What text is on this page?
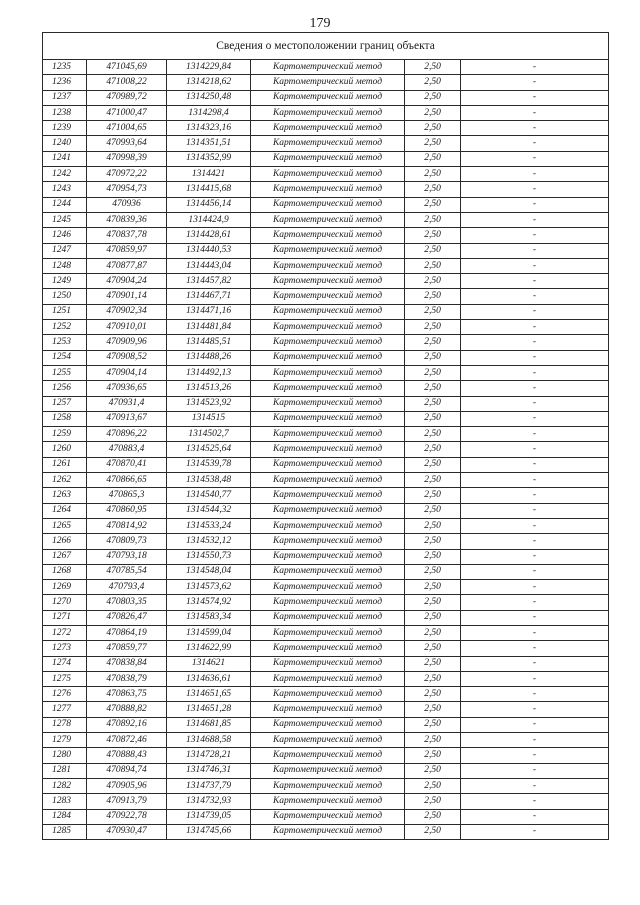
179
Сведения о местоположении границ объекта					
1235	471045,69	1314229,84	Картометрический метод	2,50	-
1236	471008,22	1314218,62	Картометрический метод	2,50	-
1237	470989,72	1314250,48	Картометрический метод	2,50	-
1238	471000,47	1314298,4	Картометрический метод	2,50	-
1239	471004,65	1314323,16	Картометрический метод	2,50	-
1240	470993,64	1314351,51	Картометрический метод	2,50	-
1241	470998,39	1314352,99	Картометрический метод	2,50	-
1242	470972,22	1314421	Картометрический метод	2,50	-
1243	470954,73	1314415,68	Картометрический метод	2,50	-
1244	470936	1314456,14	Картометрический метод	2,50	-
1245	470839,36	1314424,9	Картометрический метод	2,50	-
1246	470837,78	1314428,61	Картометрический метод	2,50	-
1247	470859,97	1314440,53	Картометрический метод	2,50	-
1248	470877,87	1314443,04	Картометрический метод	2,50	-
1249	470904,24	1314457,82	Картометрический метод	2,50	-
1250	470901,14	1314467,71	Картометрический метод	2,50	-
1251	470902,34	1314471,16	Картометрический метод	2,50	-
1252	470910,01	1314481,84	Картометрический метод	2,50	-
1253	470909,96	1314485,51	Картометрический метод	2,50	-
1254	470908,52	1314488,26	Картометрический метод	2,50	-
1255	470904,14	1314492,13	Картометрический метод	2,50	-
1256	470936,65	1314513,26	Картометрический метод	2,50	-
1257	470931,4	1314523,92	Картометрический метод	2,50	-
1258	470913,67	1314515	Картометрический метод	2,50	-
1259	470896,22	1314502,7	Картометрический метод	2,50	-
1260	470883,4	1314525,64	Картометрический метод	2,50	-
1261	470870,41	1314539,78	Картометрический метод	2,50	-
1262	470866,65	1314538,48	Картометрический метод	2,50	-
1263	470865,3	1314540,77	Картометрический метод	2,50	-
1264	470860,95	1314544,32	Картометрический метод	2,50	-
1265	470814,92	1314533,24	Картометрический метод	2,50	-
1266	470809,73	1314532,12	Картометрический метод	2,50	-
1267	470793,18	1314550,73	Картометрический метод	2,50	-
1268	470785,54	1314548,04	Картометрический метод	2,50	-
1269	470793,4	1314573,62	Картометрический метод	2,50	-
1270	470803,35	1314574,92	Картометрический метод	2,50	-
1271	470826,47	1314583,34	Картометрический метод	2,50	-
1272	470864,19	1314599,04	Картометрический метод	2,50	-
1273	470859,77	1314622,99	Картометрический метод	2,50	-
1274	470838,84	1314621	Картометрический метод	2,50	-
1275	470838,79	1314636,61	Картометрический метод	2,50	-
1276	470863,75	1314651,65	Картометрический метод	2,50	-
1277	470888,82	1314651,28	Картометрический метод	2,50	-
1278	470892,16	1314681,85	Картометрический метод	2,50	-
1279	470872,46	1314688,58	Картометрический метод	2,50	-
1280	470888,43	1314728,21	Картометрический метод	2,50	-
1281	470894,74	1314746,31	Картометрический метод	2,50	-
1282	470905,96	1314737,79	Картометрический метод	2,50	-
1283	470913,79	1314732,93	Картометрический метод	2,50	-
1284	470922,78	1314739,05	Картометрический метод	2,50	-
1285	470930,47	1314745,66	Картометрический метод	2,50	-
